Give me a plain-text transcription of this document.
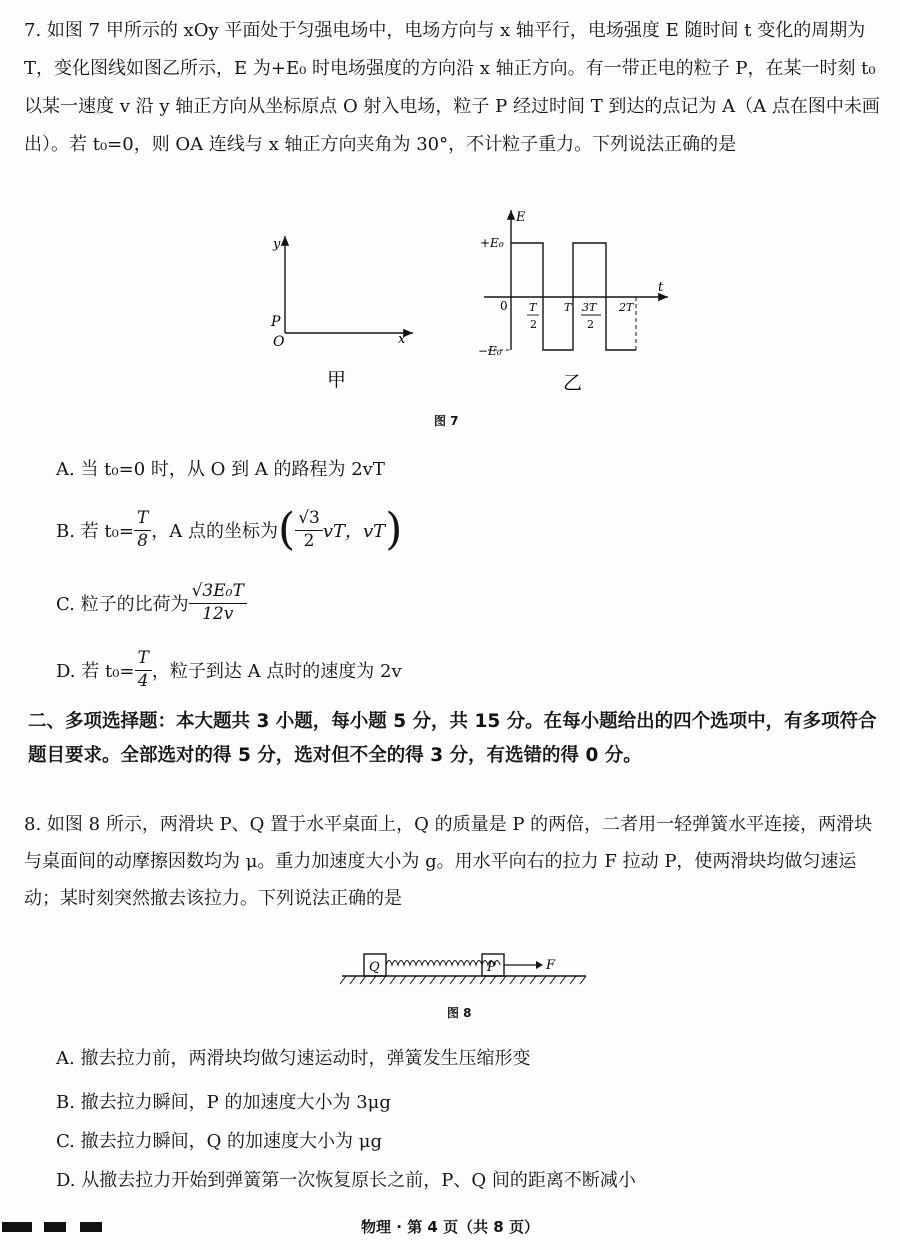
7. 如图 7 甲所示的 xOy 平面处于匀强电场中，电场方向与 x 轴平行，电场强度 E 随时间 t 变化的周期为 T，变化图线如图乙所示，E 为+E₀ 时电场强度的方向沿 x 轴正方向。有一带正电的粒子 P，在某一时刻 t₀ 以某一速度 v 沿 y 轴正方向从坐标原点 O 射入电场，粒子 P 经过时间 T 到达的点记为 A（A 点在图中未画出）。若 t₀=0，则 OA 连线与 x 轴正方向夹角为 30°，不计粒子重力。下列说法正确的是

y
x
P
O
甲
E
t
+E₀
−E₀
0 T
2
T 3T
2
2T
乙
图 7
A. 当 t₀=0 时，从 O 到 A 的路程为 2vT
B. 若 $t_0= \frac{T}{8}$ ，A 点的坐标为 ( $\frac{√3}{2}$ vT，vT )
C. 粒子的比荷为 $\frac{\text{√3E₀T}}{12v}$
D. 若 $t_0= \frac{T}{4}$ ，粒子到达 A 点时的速度为 2v
二、多项选择题：本大题共 3 小题，每小题 5 分，共 15 分。在每小题给出的四个选项中，有多项符合题目要求。全部选对的得 5 分，选对但不全的得 3 分，有选错的得 0 分。

8. 如图 8 所示，两滑块 P、Q 置于水平桌面上，Q 的质量是 P 的两倍，二者用一轻弹簧水平连接，两滑块与桌面间的动摩擦因数均为 μ。重力加速度大小为 g。用水平向右的拉力 F 拉动 P，使两滑块均做匀速运动；某时刻突然撤去该拉力。下列说法正确的是

Q	P	F
图 8
A. 撤去拉力前，两滑块均做匀速运动时，弹簧发生压缩形变
B. 撤去拉力瞬间，P 的加速度大小为 3μg
C. 撤去拉力瞬间，Q 的加速度大小为 μg
D. 从撤去拉力开始到弹簧第一次恢复原长之前，P、Q 间的距离不断减小
物理 · 第 4 页（共 8 页）
